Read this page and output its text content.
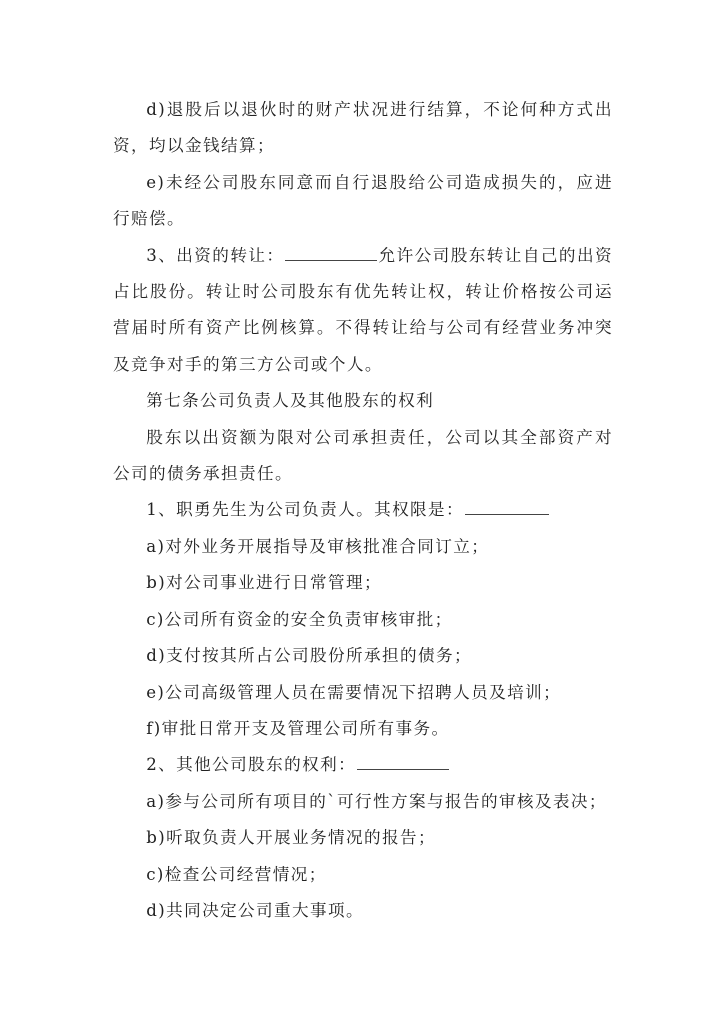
d)退股后以退伙时的财产状况进行结算，不论何种方式出资，均以金钱结算；

e)未经公司股东同意而自行退股给公司造成损失的，应进行赔偿。

3、出资的转让：	允许公司股东转让自己的出资占比股份。转让时公司股东有优先转让权，转让价格按公司运营届时所有资产比例核算。不得转让给与公司有经营业务冲突及竞争对手的第三方公司或个人。

第七条公司负责人及其他股东的权利

股东以出资额为限对公司承担责任，公司以其全部资产对公司的债务承担责任。

1、职勇先生为公司负责人。其权限是：

a)对外业务开展指导及审核批准合同订立；

b)对公司事业进行日常管理；

c)公司所有资金的安全负责审核审批；

d)支付按其所占公司股份所承担的债务；

e)公司高级管理人员在需要情况下招聘人员及培训；

f)审批日常开支及管理公司所有事务。

2、其他公司股东的权利：

a)参与公司所有项目的`可行性方案与报告的审核及表决；

b)听取负责人开展业务情况的报告；

c)检查公司经营情况；

d)共同决定公司重大事项。
